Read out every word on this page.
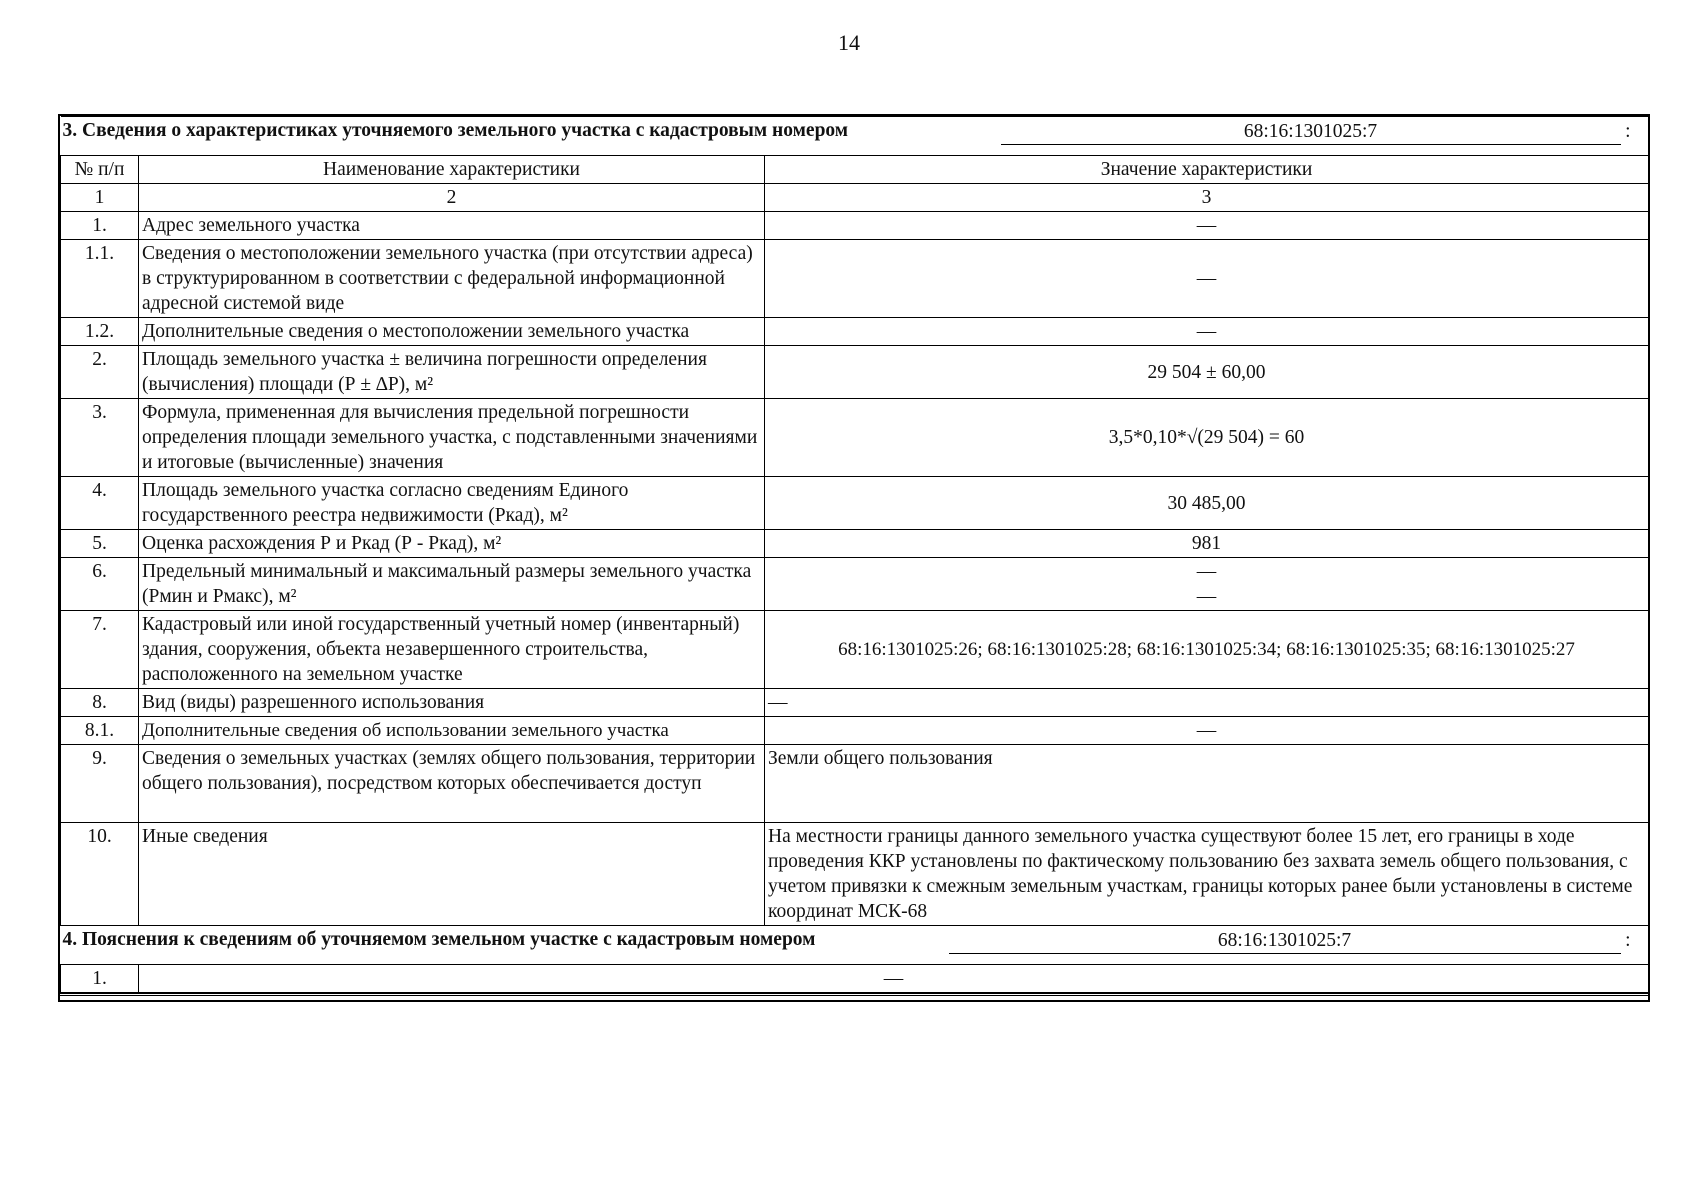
14
3. Сведения о характеристиках уточняемого земельного участка с кадастровым номером 68:16:1301025:7 :		

№ п/п	Наименование характеристики	Значение характеристики
1	2	3
1.	Адрес земельного участка	—
1.1.	Сведения о местоположении земельного участка (при отсутствии адреса) в структурированном в соответствии с федеральной информационной адресной системой виде	—
1.2.	Дополнительные сведения о местоположении земельного участка	—
2.	Площадь земельного участка ± величина погрешности определения (вычисления) площади (Р ± ∆Р), м²	29 504 ± 60,00
3.	Формула, примененная для вычисления предельной погрешности определения площади земельного участка, с подставленными значениями и итоговые (вычисленные) значения	3,5*0,10*√(29 504) = 60
4.	Площадь земельного участка согласно сведениям Единого государственного реестра недвижимости (Ркад), м²	30 485,00
5.	Оценка расхождения Р и Ркад (Р - Ркад), м²	981
6.	Предельный минимальный и максимальный размеры земельного участка (Рмин и Рмакс), м²	—
—

7.	Кадастровый или иной государственный учетный номер (инвентарный) здания, сооружения, объекта незавершенного строительства, расположенного на земельном участке	68:16:1301025:26; 68:16:1301025:28; 68:16:1301025:34; 68:16:1301025:35; 68:16:1301025:27
8.	Вид (виды) разрешенного использования	—
8.1.	Дополнительные сведения об использовании земельного участка	—
9.	Сведения о земельных участках (землях общего пользования, территории общего пользования), посредством которых обеспечивается доступ	Земли общего пользования
10.	Иные сведения	На местности границы данного земельного участка существуют более 15 лет, его границы в ходе проведения ККР установлены по фактическому пользованию без захвата земель общего пользования, с учетом привязки к смежным земельным участкам, границы которых ранее были установлены в системе координат МСК-68

4. Пояснения к сведениям об уточняемом земельном участке с кадастровым номером 68:16:1301025:7 :		

1.	—	
